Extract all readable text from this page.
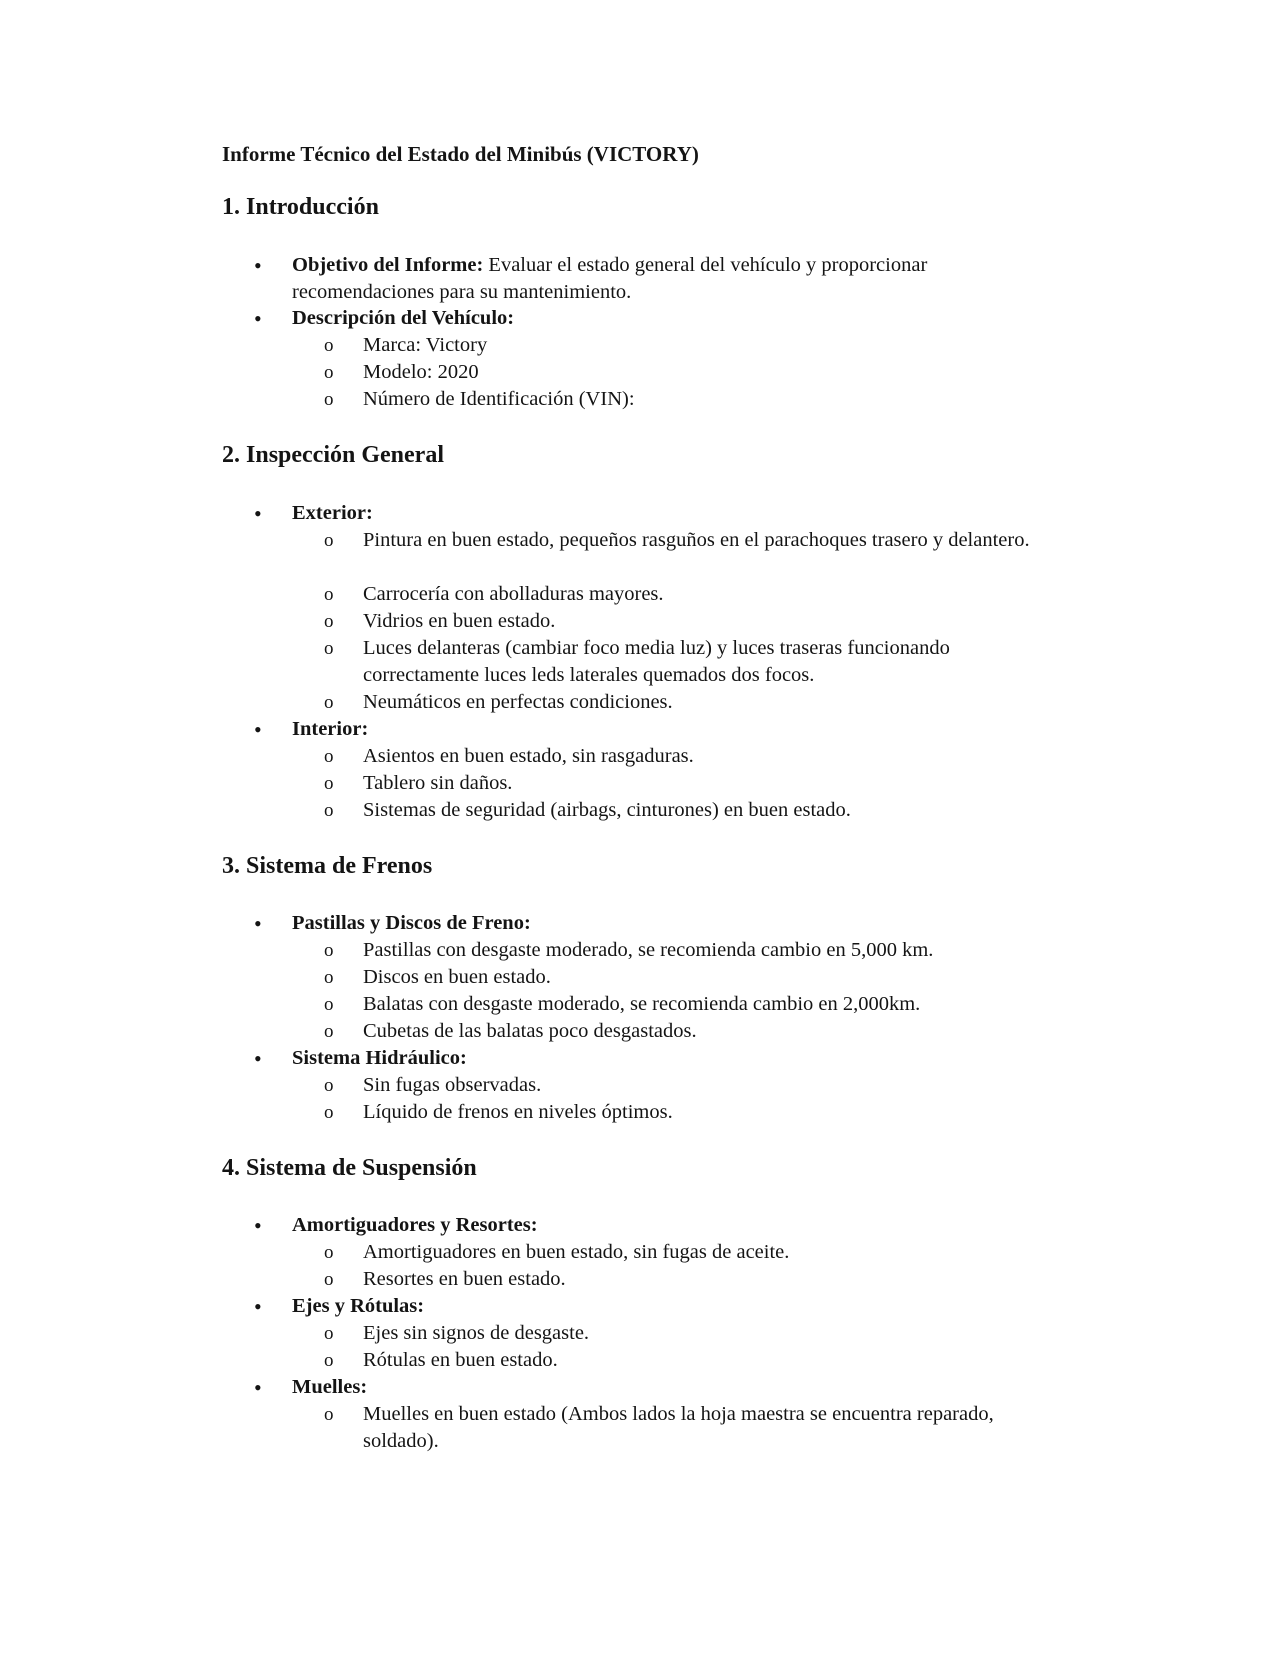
Informe Técnico del Estado del Minibús (VICTORY)
1. Introducción
• Objetivo del Informe: Evaluar el estado general del vehículo y proporcionar recomendaciones para su mantenimiento.
• Descripción del Vehículo:
o Marca: Victory
o Modelo: 2020
o Número de Identificación (VIN):
2. Inspección General
• Exterior:
o Pintura en buen estado, pequeños rasguños en el parachoques trasero y delantero.
o Carrocería con abolladuras mayores.
o Vidrios en buen estado.
o Luces delanteras (cambiar foco media luz) y luces traseras funcionando correctamente luces leds laterales quemados dos focos.
o Neumáticos en perfectas condiciones.
• Interior:
o Asientos en buen estado, sin rasgaduras.
o Tablero sin daños.
o Sistemas de seguridad (airbags, cinturones) en buen estado.
3. Sistema de Frenos
• Pastillas y Discos de Freno:
o Pastillas con desgaste moderado, se recomienda cambio en 5,000 km.
o Discos en buen estado.
o Balatas con desgaste moderado, se recomienda cambio en 2,000km.
o Cubetas de las balatas poco desgastados.
• Sistema Hidráulico:
o Sin fugas observadas.
o Líquido de frenos en niveles óptimos.
4. Sistema de Suspensión
• Amortiguadores y Resortes:
o Amortiguadores en buen estado, sin fugas de aceite.
o Resortes en buen estado.
• Ejes y Rótulas:
o Ejes sin signos de desgaste.
o Rótulas en buen estado.
• Muelles:
o Muelles en buen estado (Ambos lados la hoja maestra se encuentra reparado, soldado).
